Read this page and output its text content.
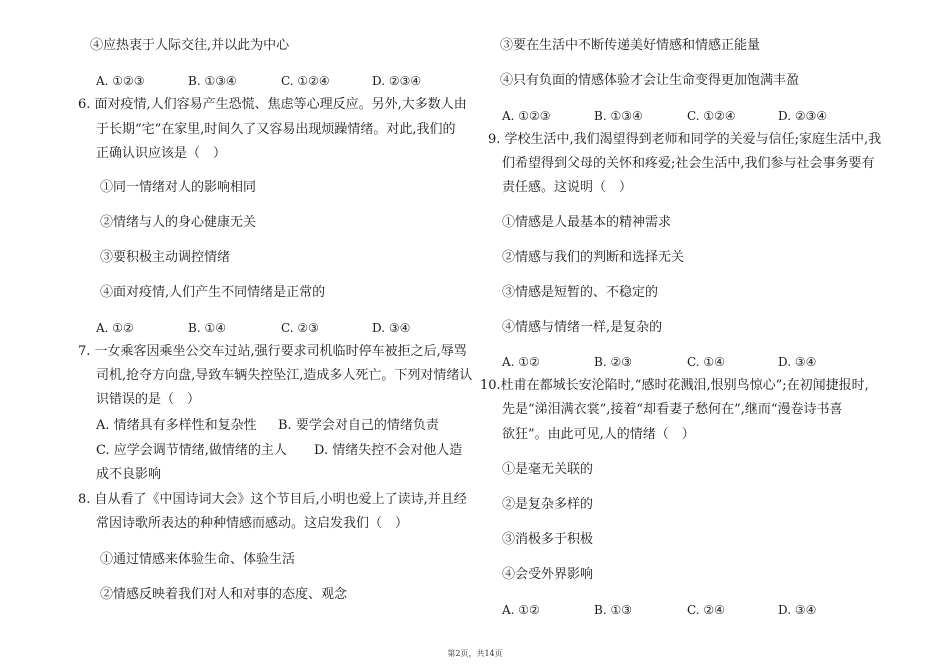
④应热衷于人际交往,并以此为中心
A. ①②③	B. ①③④	C. ①②④	D. ②③④
6. 面对疫情,人们容易产生恐慌、焦虑等心理反应。另外,大多数人由
于长期“宅”在家里,时间久了又容易出现烦躁情绪。对此,我们的
正确认识应该是（　）
①同一情绪对人的影响相同
②情绪与人的身心健康无关
③要积极主动调控情绪
④面对疫情,人们产生不同情绪是正常的
A. ①②	B. ①④	C. ②③	D. ③④
7. 一女乘客因乘坐公交车过站,强行要求司机临时停车被拒之后,辱骂
司机,抢夺方向盘,导致车辆失控坠江,造成多人死亡。下列对情绪认
识错误的是（　）
A. 情绪具有多样性和复杂性 B. 要学会对自己的情绪负责
C. 应学会调节情绪,做情绪的主人 D. 情绪失控不会对他人造
成不良影响
8. 自从看了《中国诗词大会》这个节目后,小明也爱上了读诗,并且经
常因诗歌所表达的种种情感而感动。这启发我们（　）
①通过情感来体验生命、体验生活
②情感反映着我们对人和对事的态度、观念
③要在生活中不断传递美好情感和情感正能量
④只有负面的情感体验才会让生命变得更加饱满丰盈
A. ①②③	B. ①③④	C. ①②④	D. ②③④
9. 学校生活中,我们渴望得到老师和同学的关爱与信任;家庭生活中,我
们希望得到父母的关怀和疼爱;社会生活中,我们参与社会事务要有
责任感。这说明（　）
①情感是人最基本的精神需求
②情感与我们的判断和选择无关
③情感是短暂的、不稳定的
④情感与情绪一样,是复杂的
A. ①②	B. ②③	C. ①④	D. ③④
10.杜甫在都城长安沦陷时,“感时花溅泪,恨别鸟惊心”;在初闻捷报时,
先是“涕泪满衣裳”,接着“却看妻子愁何在”,继而“漫卷诗书喜
欲狂”。由此可见,人的情绪（　）
①是毫无关联的
②是复杂多样的
③消极多于积极
④会受外界影响
A. ①②	B. ①③	C. ②④	D. ③④
第2页，共14页
